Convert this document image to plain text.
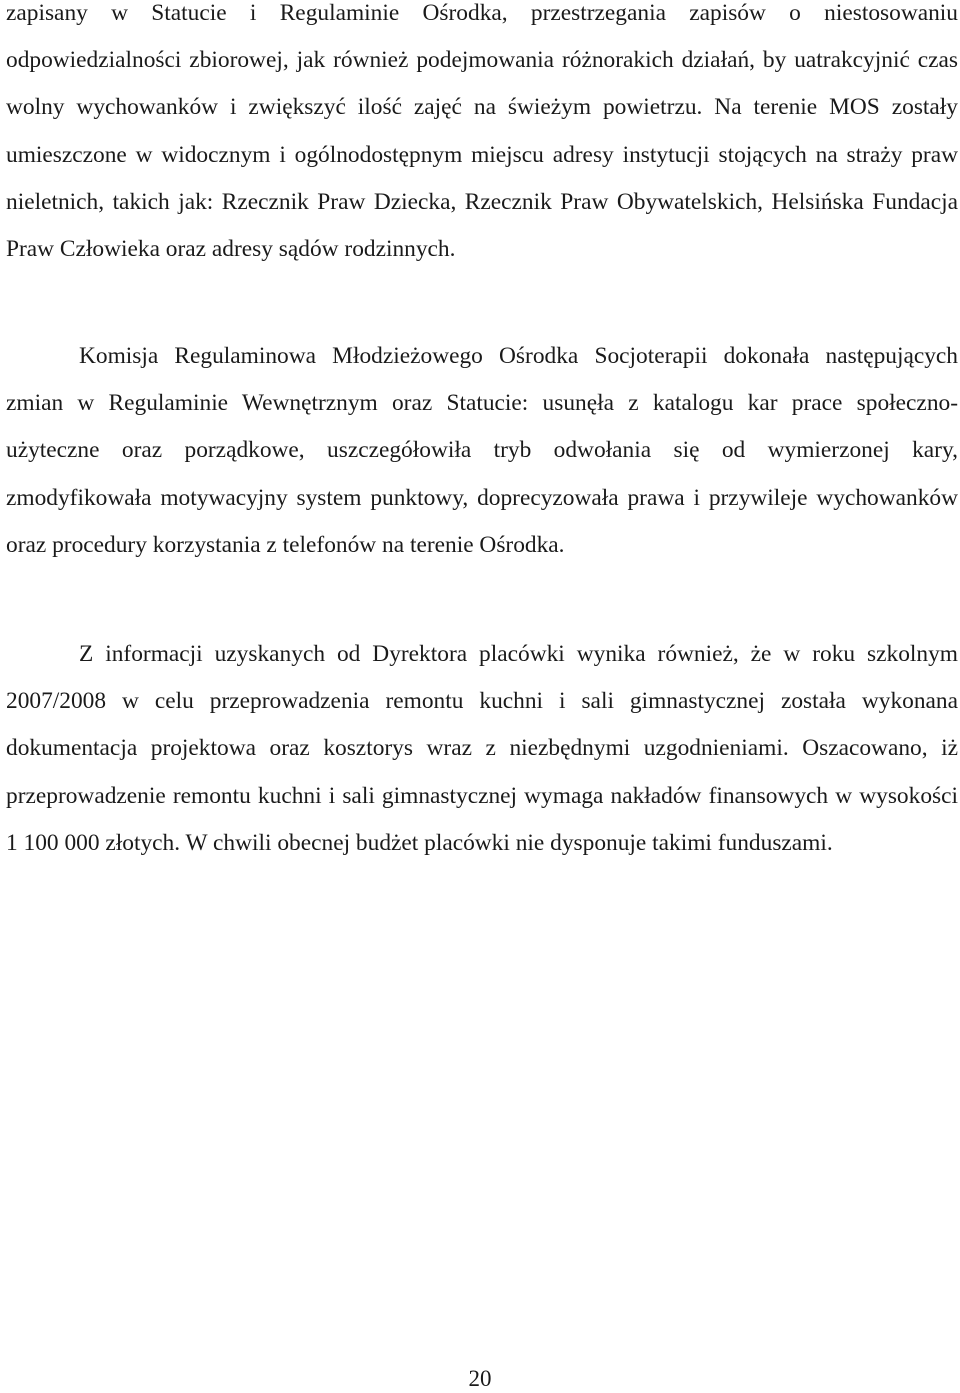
zapisany w Statucie i Regulaminie Ośrodka, przestrzegania zapisów o niestosowaniu odpowiedzialności zbiorowej, jak również podejmowania różnorakich działań, by uatrakcyjnić czas wolny wychowanków i zwiększyć ilość zajęć na świeżym powietrzu. Na terenie MOS zostały umieszczone w widocznym i ogólnodostępnym miejscu adresy instytucji stojących na straży praw nieletnich, takich jak: Rzecznik Praw Dziecka, Rzecznik Praw Obywatelskich, Helsińska Fundacja Praw Człowieka oraz adresy sądów rodzinnych.

Komisja Regulaminowa Młodzieżowego Ośrodka Socjoterapii dokonała następujących zmian w Regulaminie Wewnętrznym oraz Statucie: usunęła z katalogu kar prace społeczno-użyteczne oraz porządkowe, uszczegółowiła tryb odwołania się od wymierzonej kary, zmodyfikowała motywacyjny system punktowy, doprecyzowała prawa i przywileje wychowanków oraz procedury korzystania z telefonów na terenie Ośrodka.

Z informacji uzyskanych od Dyrektora placówki wynika również, że w roku szkolnym 2007/2008 w celu przeprowadzenia remontu kuchni i sali gimnastycznej została wykonana dokumentacja projektowa oraz kosztorys wraz z niezbędnymi uzgodnieniami. Oszacowano, iż przeprowadzenie remontu kuchni i sali gimnastycznej wymaga nakładów finansowych w wysokości 1 100 000 złotych. W chwili obecnej budżet placówki nie dysponuje takimi funduszami.

20
